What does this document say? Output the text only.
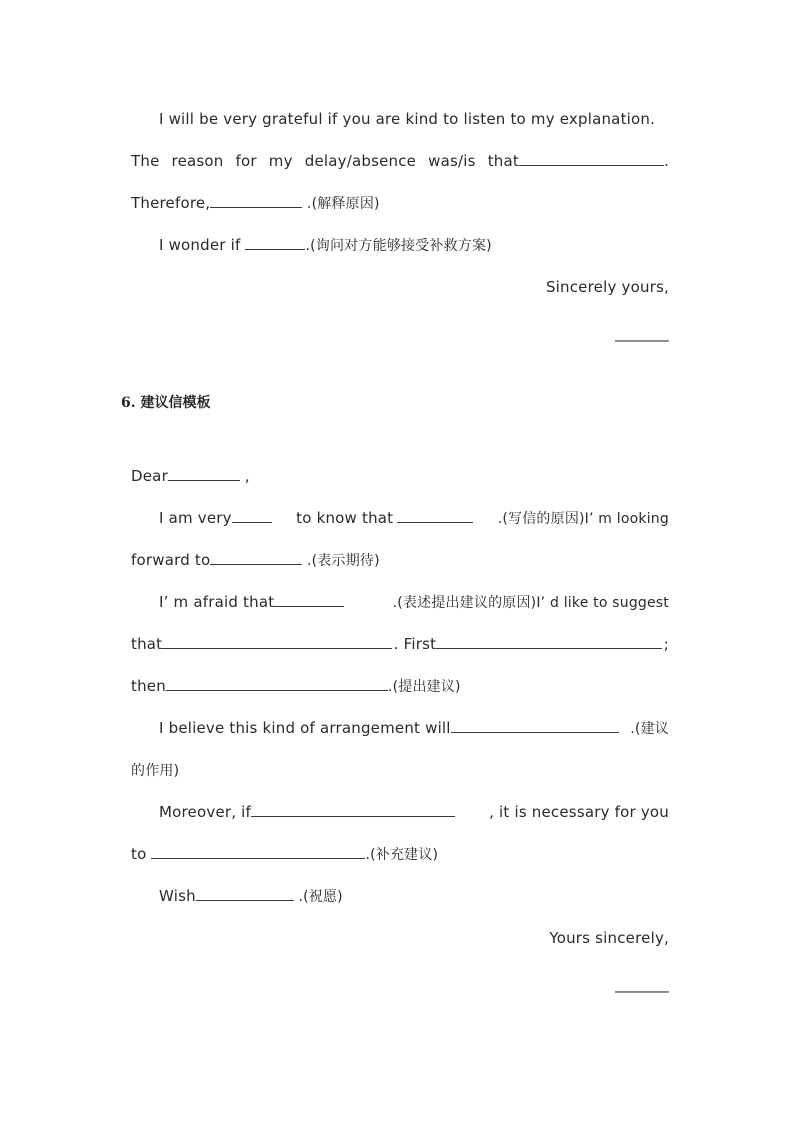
I will be very grateful if you are kind to listen to my explanation.
The reason for my delay/absence was/is that	.
Therefore,	.(解释原因)
I wonder if	.(询问对方能够接受补救方案)
Sincerely yours,
_______
6. 建议信模板
Dear	,
I am very	to know that	.(写信的原因)I’ m looking
forward to	.(表示期待)
I’ m afraid that	.(表述提出建议的原因)I’ d like to suggest
that	. First	;
then	.(提出建议)
I believe this kind of arrangement will	.(建议
的作用)
Moreover, if	, it is necessary for you
to	.(补充建议)
Wish	.(祝愿)
Yours sincerely,
_______
